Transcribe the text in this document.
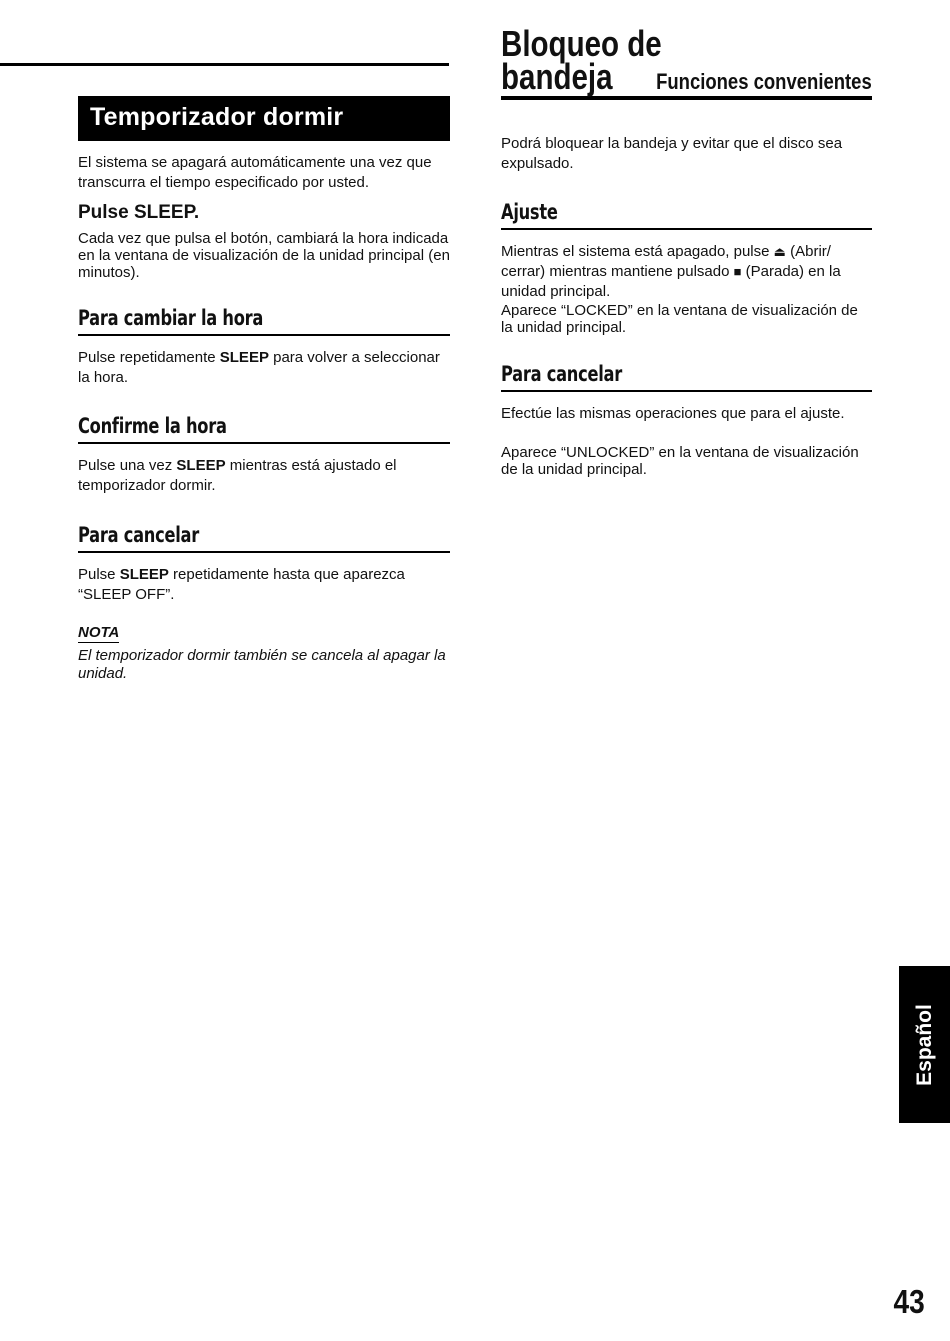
Temporizador dormir

El sistema se apagará automáticamente una vez que transcurra el tiempo especificado por usted.

Pulse SLEEP.

Cada vez que pulsa el botón, cambiará la hora indicada en la ventana de visualización de la unidad principal (en minutos).

Para cambiar la hora

Pulse repetidamente SLEEP para volver a seleccionar la hora.

Confirme la hora

Pulse una vez SLEEP mientras está ajustado el temporizador dormir.

Para cancelar

Pulse SLEEP repetidamente hasta que aparezca “SLEEP OFF”.

NOTA

El temporizador dormir también se cancela al apagar la unidad.

Bloqueo de
bandeja Funciones convenientes

Podrá bloquear la bandeja y evitar que el disco sea expulsado.

Ajuste

Mientras el sistema está apagado, pulse ⏏ (Abrir/ cerrar) mientras mantiene pulsado ■ (Parada) en la unidad principal.

Aparece “LOCKED” en la ventana de visualización de la unidad principal.

Para cancelar

Efectúe las mismas operaciones que para el ajuste.

Aparece “UNLOCKED” en la ventana de visualización de la unidad principal.

Español
43
